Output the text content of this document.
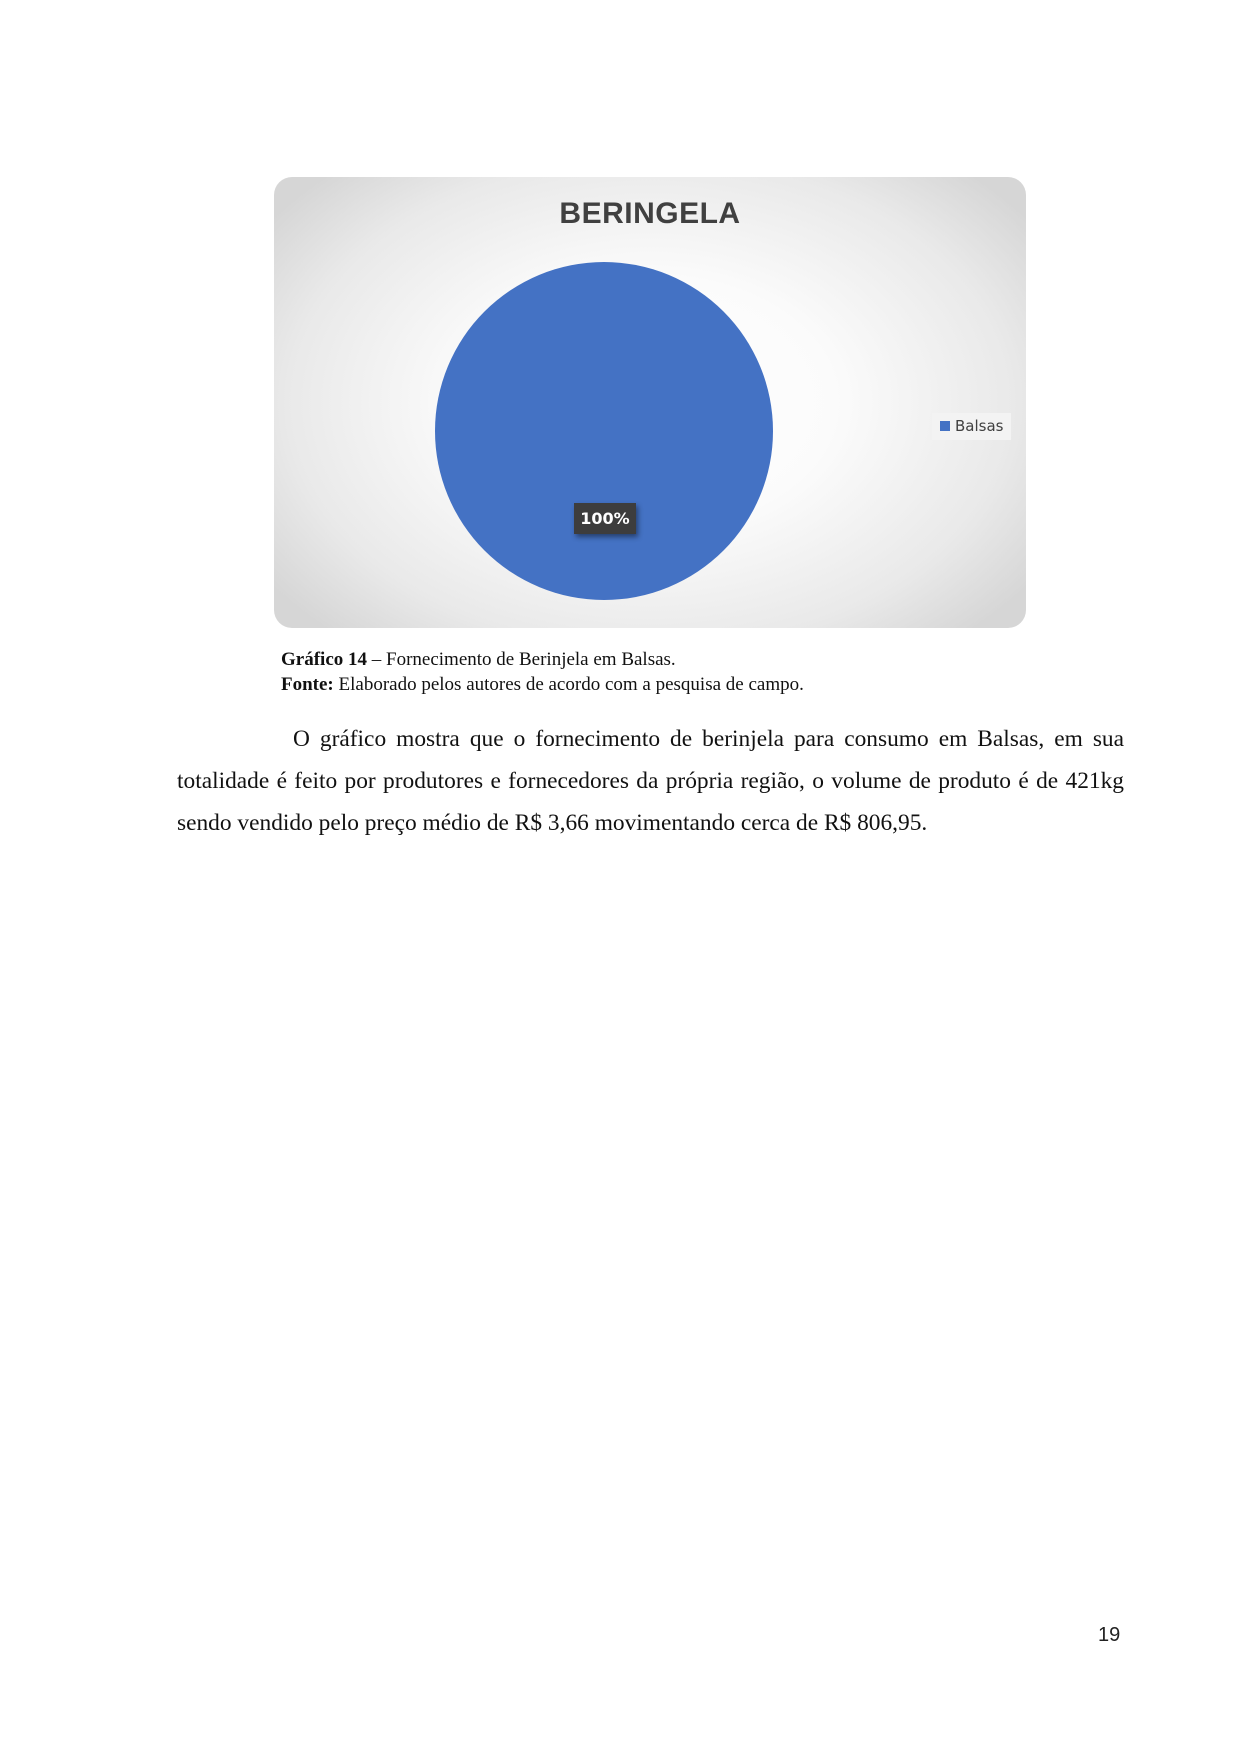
BERINGELA
100%
Balsas
Gráfico 14 – Fornecimento de Berinjela em Balsas.
Fonte: Elaborado pelos autores de acordo com a pesquisa de campo.

O gráfico mostra que o fornecimento de berinjela para consumo em Balsas, em sua totalidade é feito por produtores e fornecedores da própria região, o volume de produto é de 421kg sendo vendido pelo preço médio de R$ 3,66 movimentando cerca de R$ 806,95.

19
